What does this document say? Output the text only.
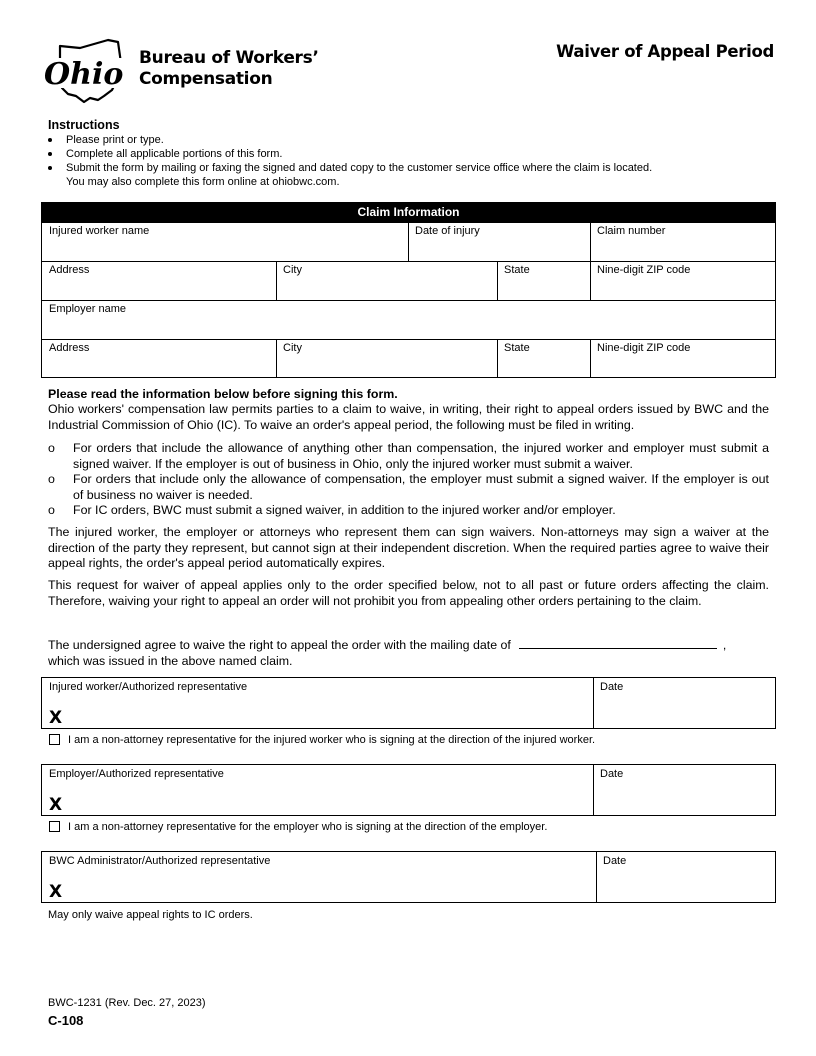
Ohio Bureau of Workers’
Compensation
Waiver of Appeal Period
Instructions
Please print or type.
Complete all applicable portions of this form.
Submit the form by mailing or faxing the signed and dated copy to the customer service office where the claim is located.
You may also complete this form online at ohiobwc.com.
Claim Information
Injured worker name	Date of injury	Claim number
Address	City	State	Nine-digit ZIP code
Employer name
Address	City	State	Nine-digit ZIP code
Please read the information below before signing this form.
Ohio workers' compensation law permits parties to a claim to waive, in writing, their right to appeal orders issued by BWC and the Industrial Commission of Ohio (IC). To waive an order's appeal period, the following must be filed in writing.
o For orders that include the allowance of anything other than compensation, the injured worker and employer must submit a signed waiver. If the employer is out of business in Ohio, only the injured worker must submit a waiver.
o For orders that include only the allowance of compensation, the employer must submit a signed waiver. If the employer is out of business no waiver is needed.
o For IC orders, BWC must submit a signed waiver, in addition to the injured worker and/or employer.
The injured worker, the employer or attorneys who represent them can sign waivers. Non-attorneys may sign a waiver at the direction of the party they represent, but cannot sign at their independent discretion. When the required parties agree to waive their appeal rights, the order's appeal period automatically expires.
This request for waiver of appeal applies only to the order specified below, not to all past or future orders affecting the claim. Therefore, waiving your right to appeal an order will not prohibit you from appealing other orders pertaining to the claim.
The undersigned agree to waive the right to appeal the order with the mailing date of	,
which was issued in the above named claim.
Injured worker/Authorized representative
X
Date
I am a non-attorney representative for the injured worker who is signing at the direction of the injured worker.
Employer/Authorized representative
X
Date
I am a non-attorney representative for the employer who is signing at the direction of the employer.
BWC Administrator/Authorized representative
X
Date
May only waive appeal rights to IC orders.
BWC-1231 (Rev. Dec. 27, 2023)
C-108
